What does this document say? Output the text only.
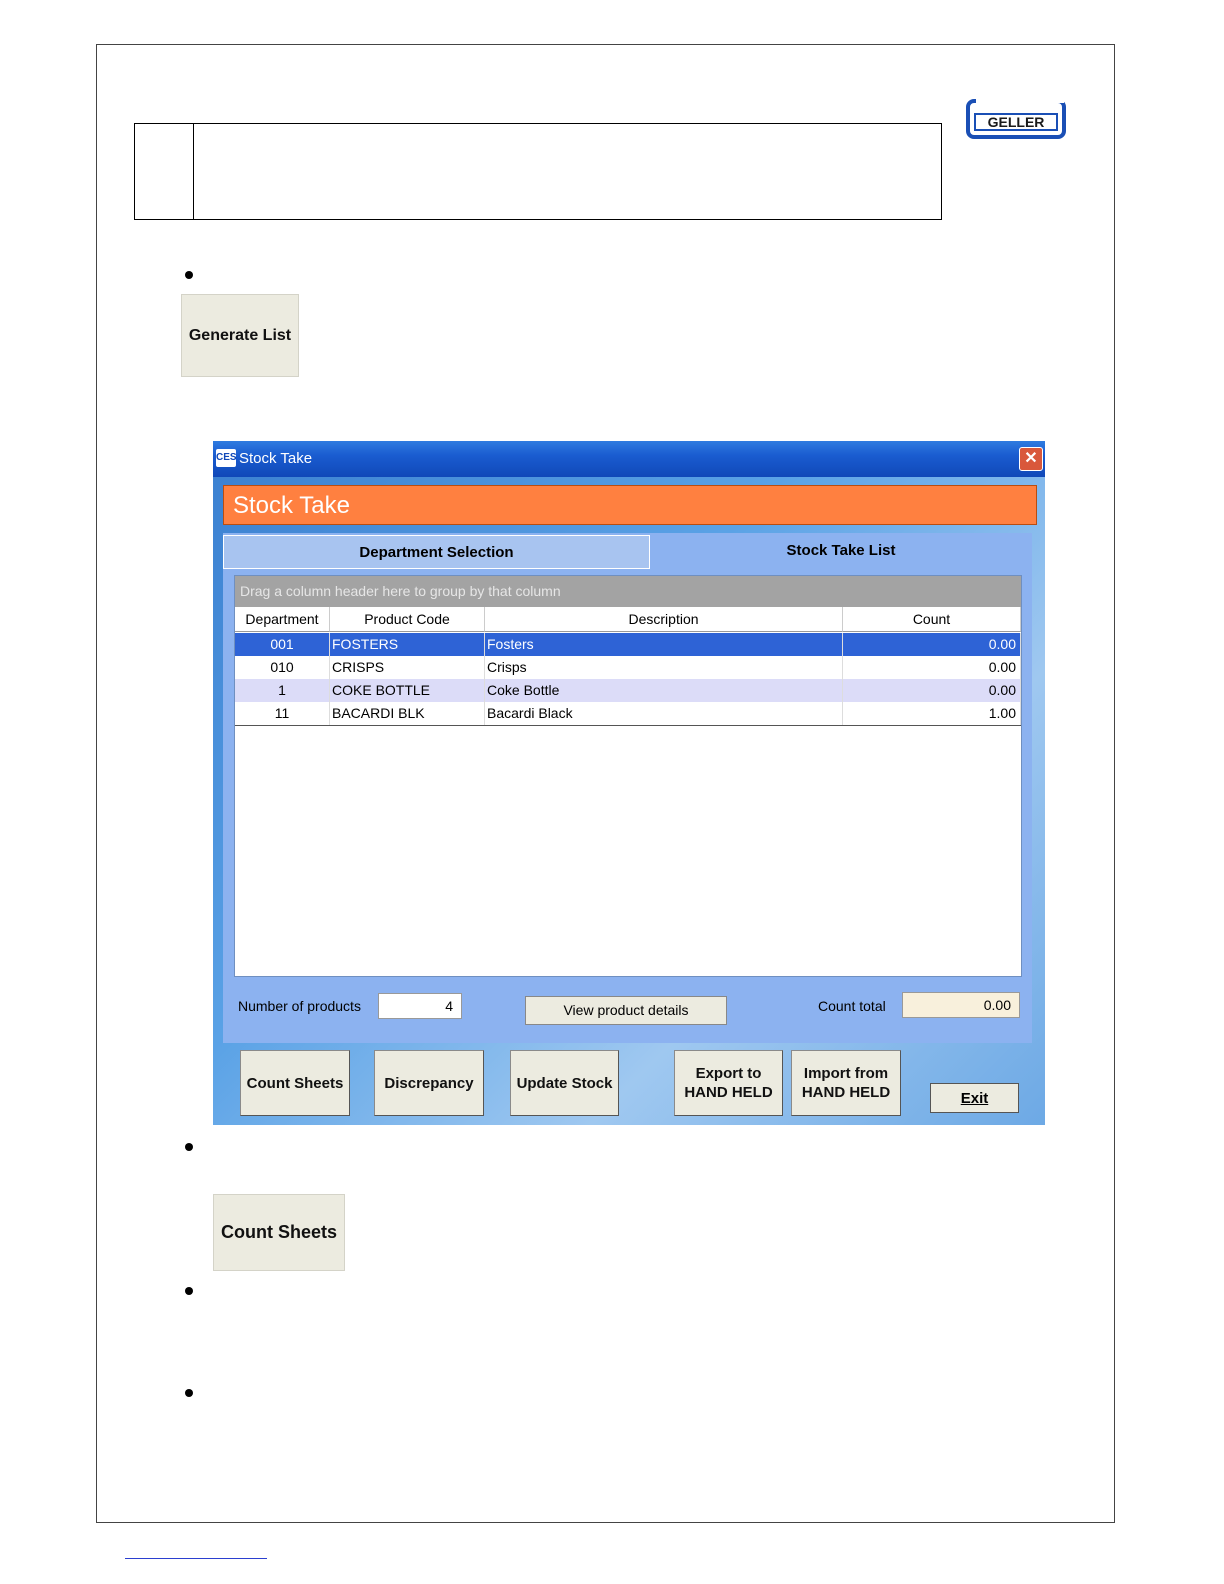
GELLER
Generate List
CES Stock Take	✕
Stock Take
Department Selection	Stock Take List
Drag a column header here to group by that column
Department	Product Code	Description	Count
001	FOSTERS	Fosters	0.00
010	CRISPS	Crisps	0.00
1	COKE BOTTLE	Coke Bottle	0.00
11	BACARDI BLK	Bacardi Black	1.00
Number of products	4	Count total	0.00
View product details
Count Sheets	Discrepancy	Update Stock
Export to
HAND HELD
Import from
HAND HELD	Exit
Count Sheets
